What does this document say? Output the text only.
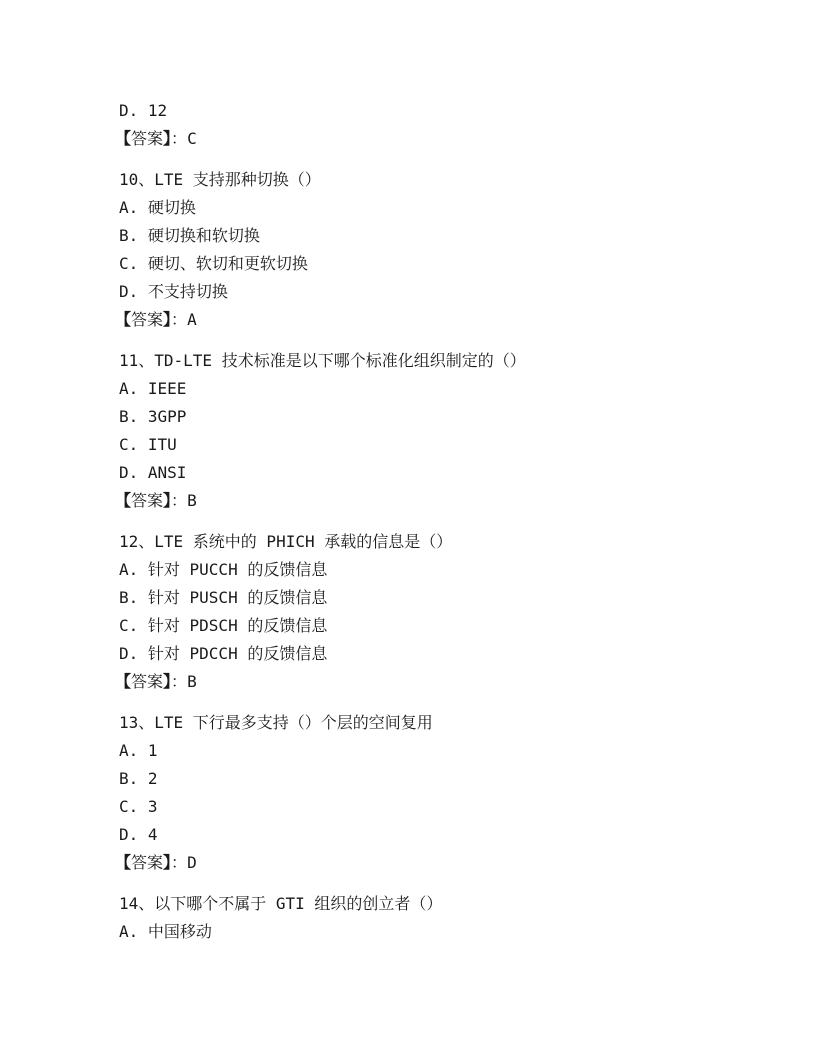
D. 12
【答案】：C
10、LTE 支持那种切换（）
A. 硬切换
B. 硬切换和软切换
C. 硬切、软切和更软切换
D. 不支持切换
【答案】：A
11、TD-LTE 技术标准是以下哪个标准化组织制定的（）
A. IEEE
B. 3GPP
C. ITU
D. ANSI
【答案】：B
12、LTE 系统中的 PHICH 承载的信息是（）
A. 针对 PUCCH 的反馈信息
B. 针对 PUSCH 的反馈信息
C. 针对 PDSCH 的反馈信息
D. 针对 PDCCH 的反馈信息
【答案】：B
13、LTE 下行最多支持（）个层的空间复用
A. 1
B. 2
C. 3
D. 4
【答案】：D
14、以下哪个不属于 GTI 组织的创立者（）
A. 中国移动
